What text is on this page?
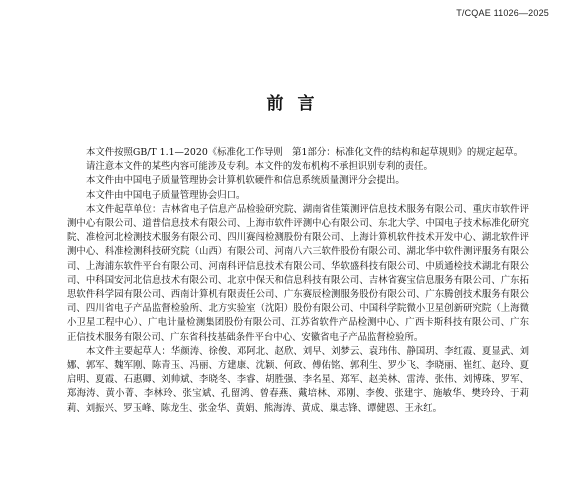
T/CQAE 11026—2025
前言

本文件按照GB/T 1.1—2020《标准化工作导则　第1部分：标准化文件的结构和起草规则》的规定起草。

请注意本文件的某些内容可能涉及专利。本文件的发布机构不承担识别专利的责任。

本文件由中国电子质量管理协会计算机软硬件和信息系统质量测评分会提出。

本文件由中国电子质量管理协会归口。

本文件起草单位：吉林省电子信息产品检验研究院、湖南省佳策测评信息技术服务有限公司、重庆市软件评测中心有限公司、道普信息技术有限公司、上海市软件评测中心有限公司、东北大学、中国电子技术标准化研究院、准检河北检测技术服务有限公司、四川赛闯检测股份有限公司、上海计算机软件技术开发中心、湖北软件评测中心、科准检测科技研究院（山西）有限公司、河南八六三软件股份有限公司、湖北华中软件测评服务有限公司、上海浦东软件平台有限公司、河南科评信息技术有限公司、华软盛科技有限公司、中质通检技术湖北有限公司、中科国安河北信息技术有限公司、北京中保天和信息科技有限公司、吉林省赛宝信息服务有限公司、广东拓思软件科学园有限公司、西南计算机有限责任公司、广东赛辰检测服务股份有限公司、广东腾创技术服务有限公司、四川省电子产品监督检验所、北方实验室（沈阳）股份有限公司、中国科学院微小卫星创新研究院（上海微小卫星工程中心）、广电计量检测集团股份有限公司、江苏省软件产品检测中心、广西卡斯科技有限公司、广东正信技术服务有限公司、广东省科技基础条件平台中心、安徽省电子产品监督检验所。

本文件主要起草人：华颜涛、徐俊、邓阿北、赵欣、刘早、刘梦云、袁玮伟、静国玥、李红霞、夏显武、刘娜、郭军、魏军刚、陈青玉、冯丽、方建康、沈颖、何政、傅佑铭、郭利生、罗少飞、李晓丽、崔红、赵玲、夏启明、夏霞、石惠卿、刘帅斌、李晓冬、李睿、胡胜强、李名星、郑军、赵美林、雷涛、张伟、刘博珠、罗军、郑海涛、黄小菁、李林玲、张宝斌、孔留鸿、曾春燕、戴培林、邓刚、李俊、张建宇、施敏华、樊玲玲、于莉莉、刘振兴、罗玉峰、陈龙生、张金华、黄娟、熊海涛、黄成、巢志锋、谭健恩、王永红。
